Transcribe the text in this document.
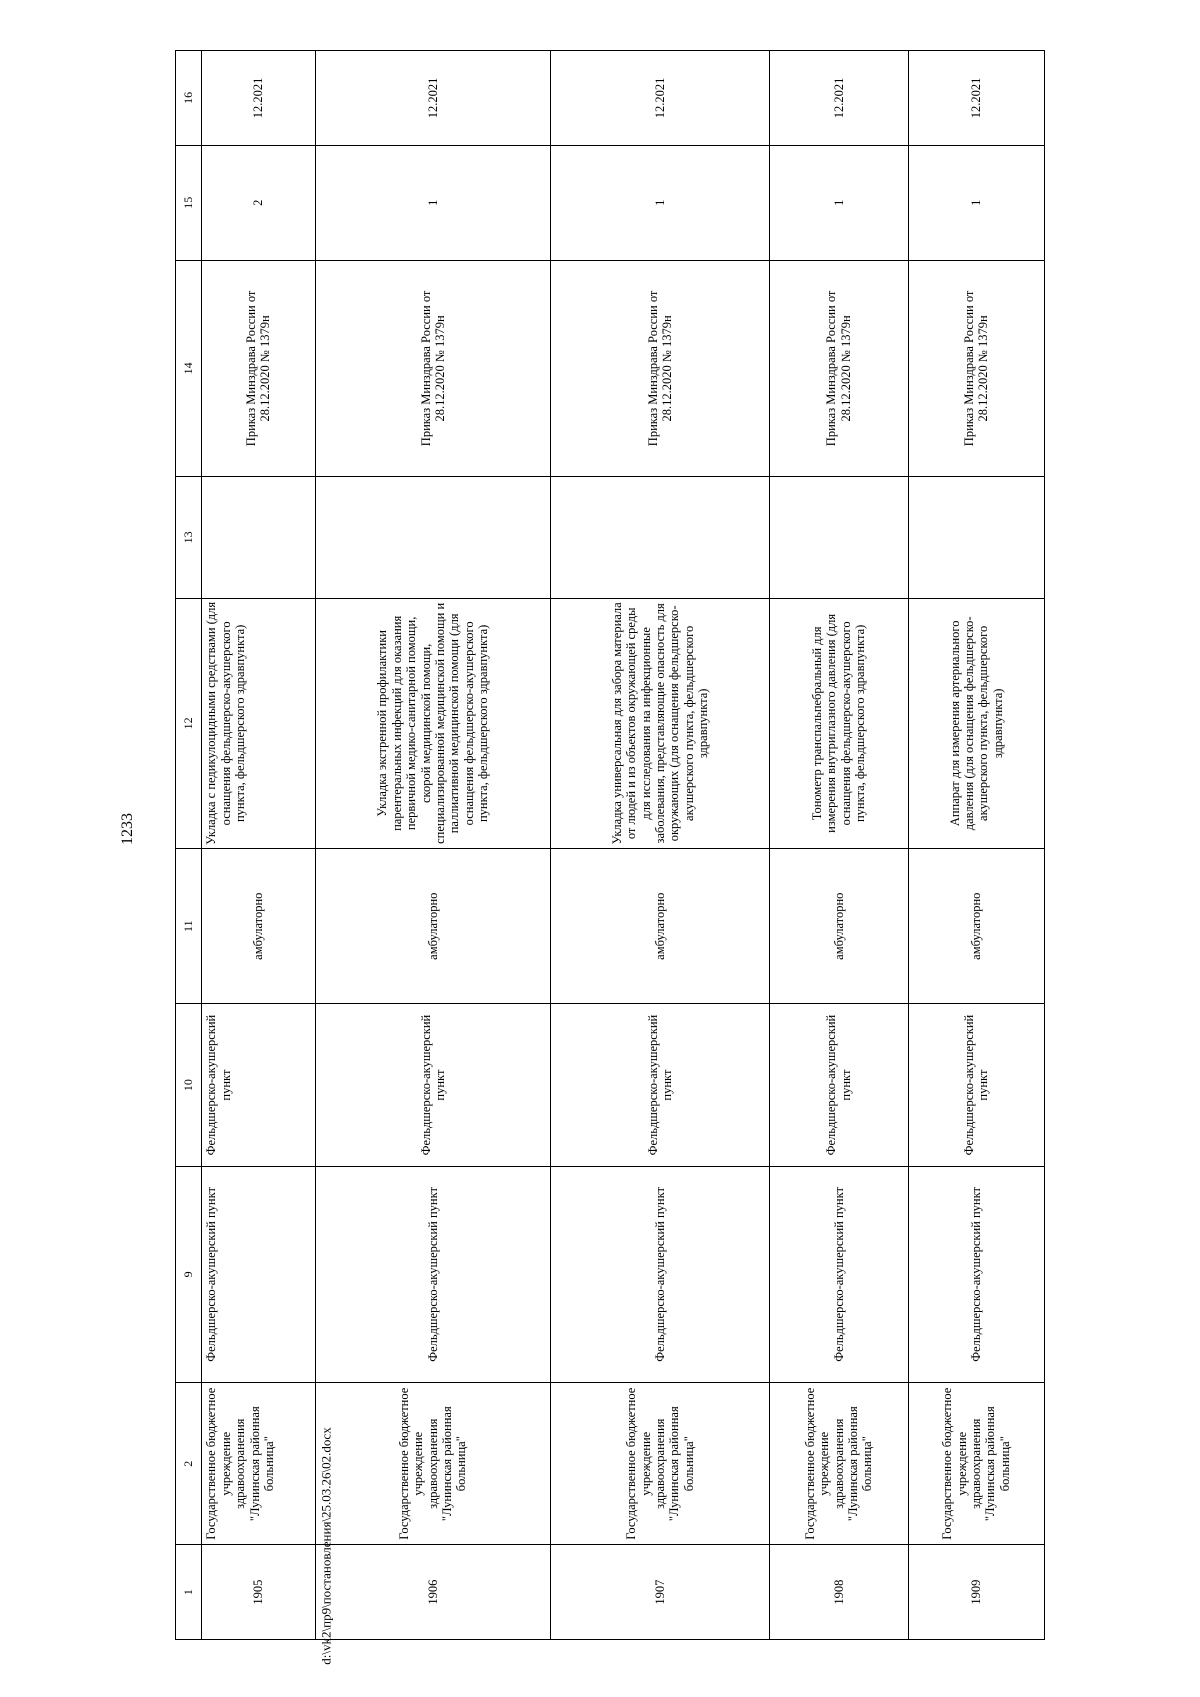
1233
1	2	9	10	11	12	13	14	15	16
1905	Государственное бюджетное учреждение здравоохранения "Лунинская районная больница"	Фельдшерско-акушерский пункт	Фельдшерско-акушерский пункт	амбулаторно	Укладка с педикулоцидными средствами (для оснащения фельдшерско-акушерского пункта, фельдшерского здравпункта)		Приказ Минздрава России от 28.12.2020 № 1379н	2	12.2021
1906	Государственное бюджетное учреждение здравоохранения "Лунинская районная больница"	Фельдшерско-акушерский пункт	Фельдшерско-акушерский пункт	амбулаторно	Укладка экстренной профилактики парентеральных инфекций для оказания первичной медико-санитарной помощи, скорой медицинской помощи, специализированной медицинской помощи и паллиативной медицинской помощи (для оснащения фельдшерско-акушерского пункта, фельдшерского здравпункта)		Приказ Минздрава России от 28.12.2020 № 1379н	1	12.2021
1907	Государственное бюджетное учреждение здравоохранения "Лунинская районная больница"	Фельдшерско-акушерский пункт	Фельдшерско-акушерский пункт	амбулаторно	Укладка универсальная для забора материала от людей и из объектов окружающей среды для исследования на инфекционные заболевания, представляющие опасность для окружающих (для оснащения фельдшерско-акушерского пункта, фельдшерского здравпункта)		Приказ Минздрава России от 28.12.2020 № 1379н	1	12.2021
1908	Государственное бюджетное учреждение здравоохранения "Лунинская районная больница"	Фельдшерско-акушерский пункт	Фельдшерско-акушерский пункт	амбулаторно	Тонометр транспальпебральный для измерения внутриглазного давления (для оснащения фельдшерско-акушерского пункта, фельдшерского здравпункта)		Приказ Минздрава России от 28.12.2020 № 1379н	1	12.2021
1909	Государственное бюджетное учреждение здравоохранения "Лунинская районная больница"	Фельдшерско-акушерский пункт	Фельдшерско-акушерский пункт	амбулаторно	Аппарат для измерения артериального давления (для оснащения фельдшерско-акушерского пункта, фельдшерского здравпункта)		Приказ Минздрава России от 28.12.2020 № 1379н	1	12.2021
d:\vk2\пр9\постановления\25.03.26\02.docx
